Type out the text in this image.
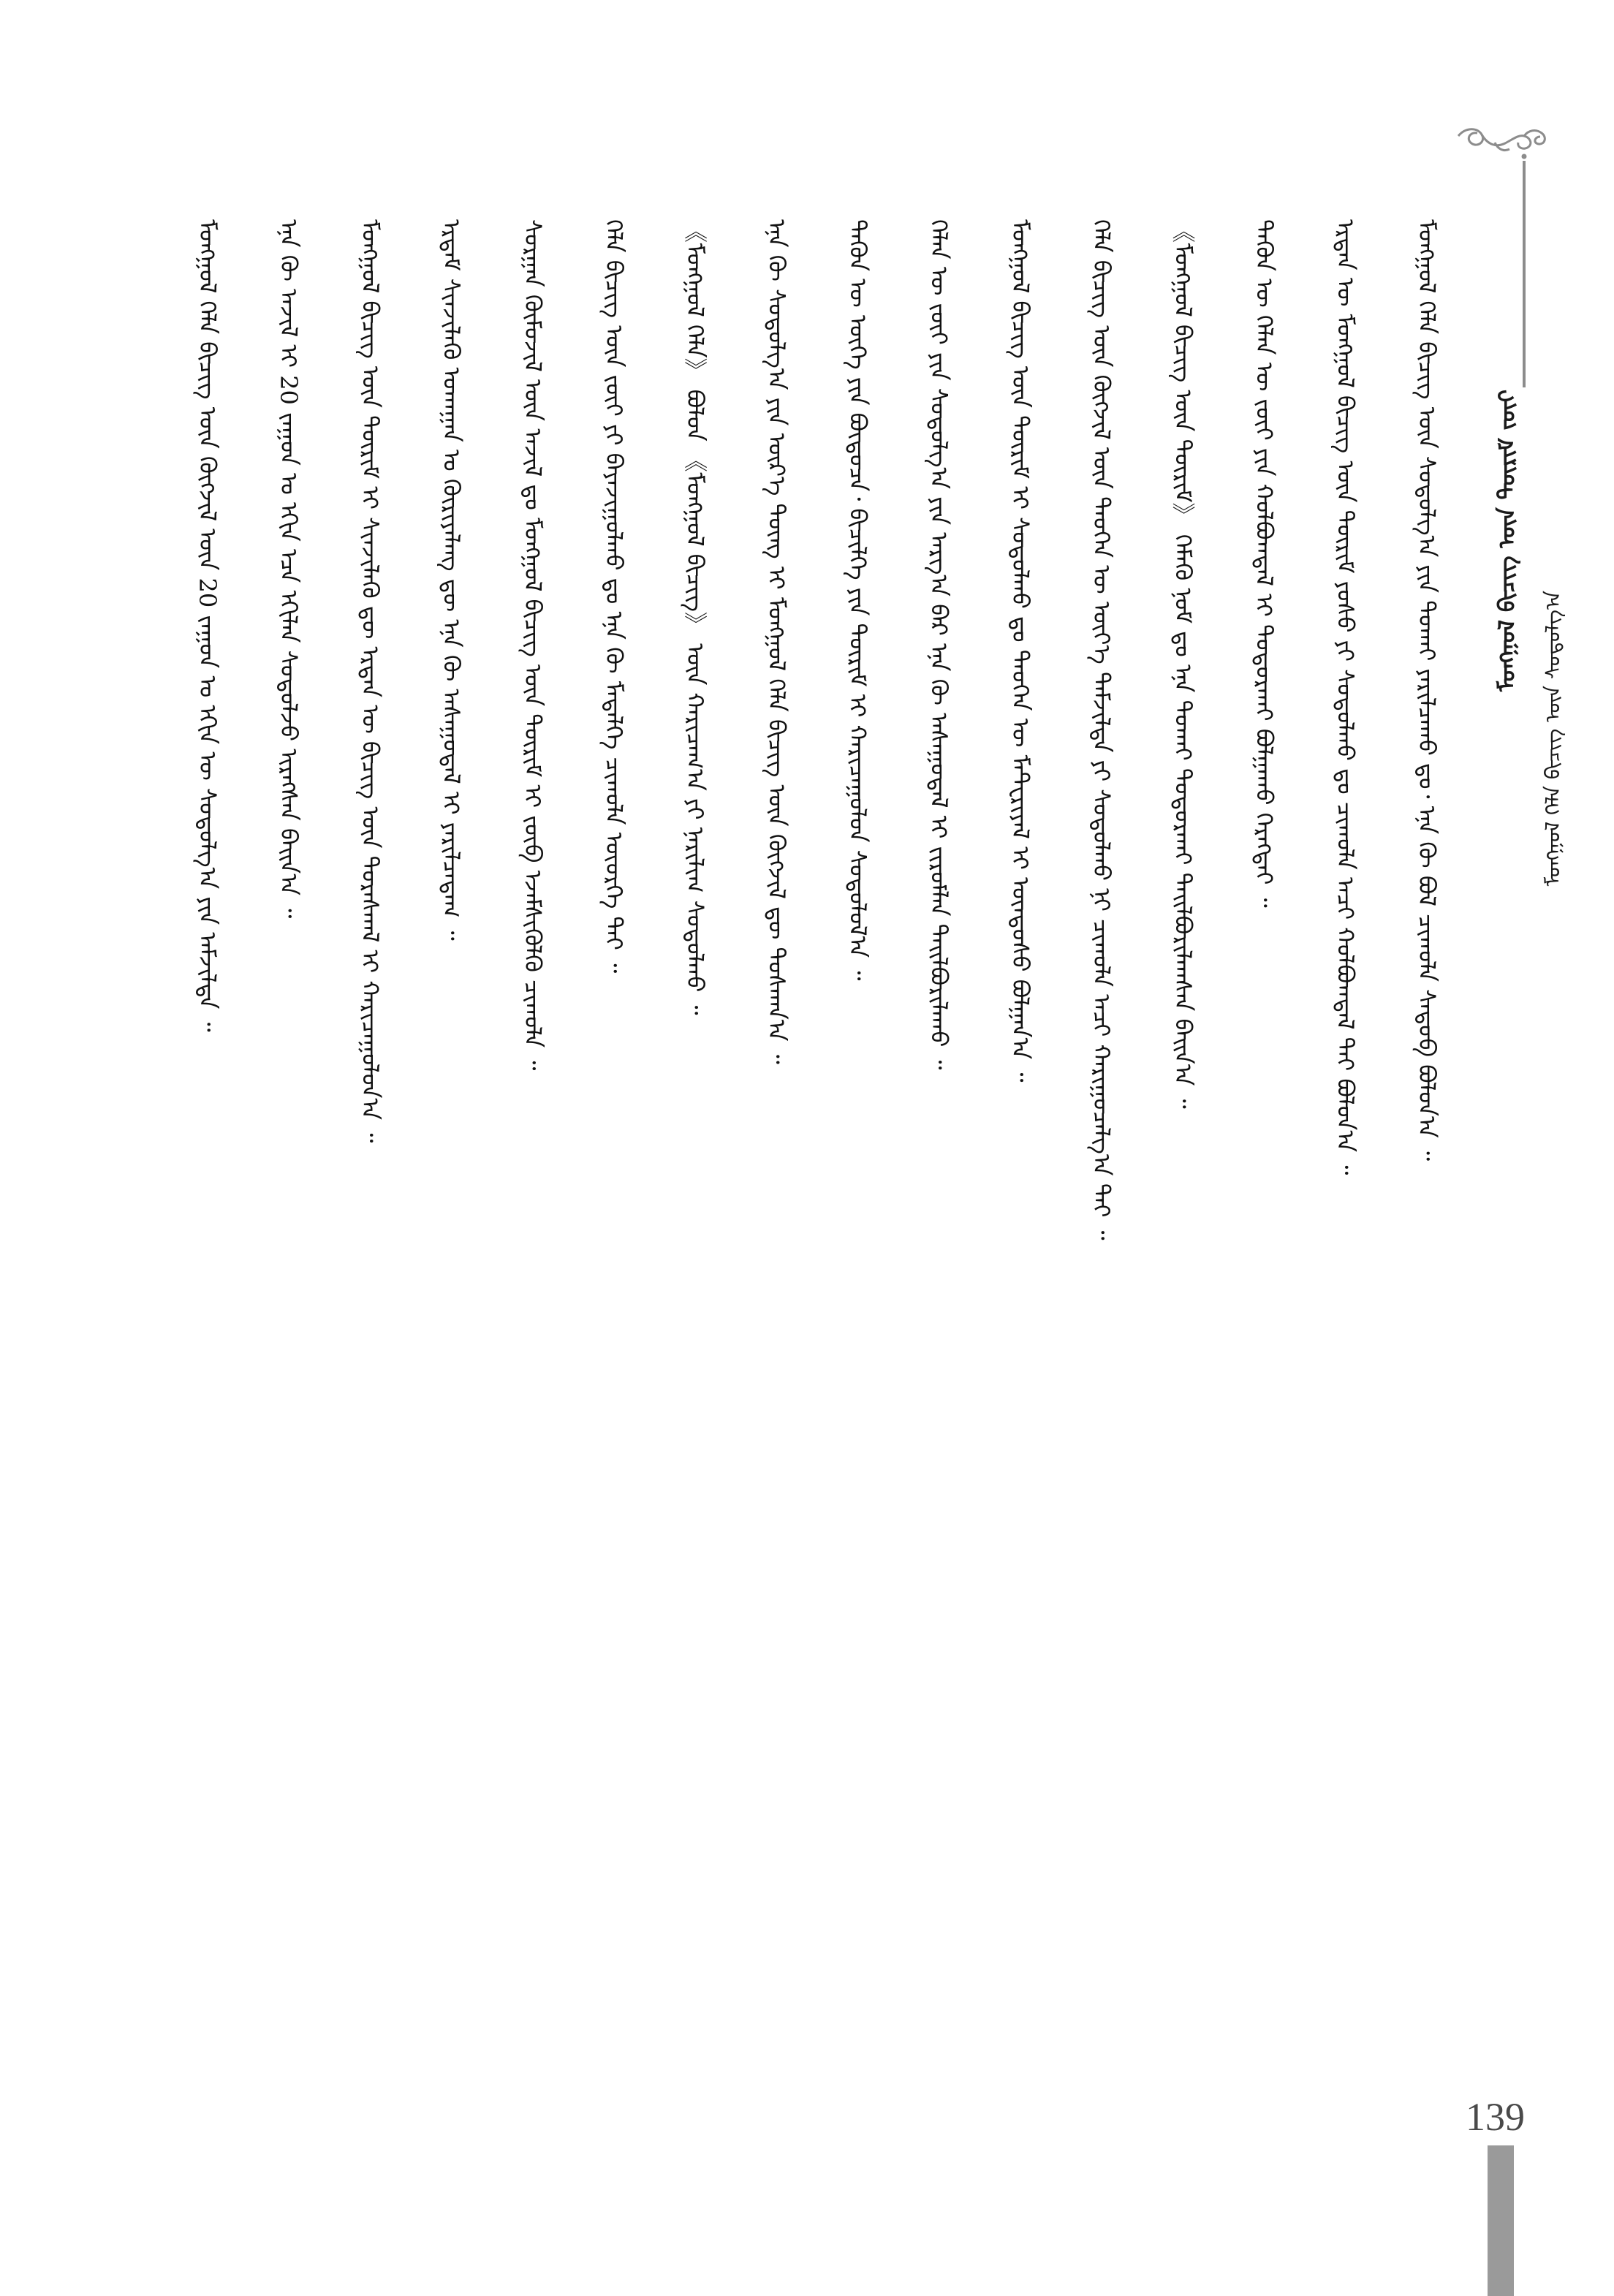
ᠮᠣᠩᠭᠣᠯ ᠪᠢᠴᠢᠭ᠌ ᠦᠨ ᠳᠦᠷᠢᠮ ᠵᠦᠢ
ᠮᠣᠩᠭᠣᠯ ᠬᠡᠯᠡ ᠪᠢᠴᠢᠭ᠌ ᠦᠨ ᠰᠤᠳᠤᠯᠭ᠎ᠠ
ᠮᠣᠩᠭᠣᠯ ᠬᠡᠯᠡ ᠪᠢᠴᠢᠭ᠌ ᠦᠨ ᠰᠤᠳᠤᠯᠭ᠎ᠠ ᠶᠢᠨ ᠲᠤᠬᠠᠢ ᠶᠠᠷᠢᠯᠴᠠᠬᠤ ᠳᠤ᠂ ᠡᠨᠡ ᠬᠦ ᠪᠣᠯ ᠴᠢᠬᠤᠯᠠ ᠰᠡᠳᠦᠪ ᠪᠣᠯᠤᠨ᠎ᠠ ᠃
ᠡᠷᠲᠡᠨ ᠦ ᠮᠣᠩᠭᠣᠯ ᠪᠢᠴᠢᠭ᠌ ᠦᠨ ᠳᠦᠷᠢᠮ ᠶᠣᠰᠤ ᠶᠢ ᠰᠤᠳᠤᠯᠬᠤ ᠳᠤ ᠴᠢᠬᠤᠯᠠ ᠠᠴᠢ ᠬᠤᠯᠪᠣᠭᠳᠠᠯ ᠲᠠᠢ ᠪᠣᠯᠤᠨ᠎ᠠ ᠃
ᠲᠡᠭᠦᠨ ᠦ ᠬᠡᠯᠡᠨ ᠦ ᠵᠦᠢ ᠶᠢᠨ ᠬᠣᠯᠪᠣᠭᠳᠠᠯ ᠢ ᠲᠣᠳᠣᠷᠬᠠᠢ ᠪᠣᠯᠭᠠᠬᠤ ᠬᠡᠷᠡᠭᠲᠡᠢ ᠃
《ᠮᠣᠩᠭᠣᠯ ᠪᠢᠴᠢᠭ᠌ ᠦᠨ ᠳᠦᠷᠢᠮ》 ᠬᠡᠮᠡᠬᠦ ᠨᠣᠮ ᠳᠤ ᠡᠨᠡ ᠲᠤᠬᠠᠢ ᠲᠣᠳᠣᠷᠬᠠᠢ ᠲᠠᠢᠯᠪᠤᠷᠢᠯᠠᠭᠰᠠᠨ ᠪᠠᠢᠨ᠎ᠠ ᠃
ᠬᠡᠯᠡ ᠪᠢᠴᠢᠭ᠌ ᠦᠨ ᠬᠥᠭᠵᠢᠯ ᠦᠨ ᠲᠡᠦᠬᠡᠨ ᠦ ᠦᠶ᠎ᠡ ᠳᠠᠮᠵᠢᠯᠲᠠ ᠶᠢ ᠰᠤᠳᠤᠯᠬᠤ ᠨᠢ ᠴᠢᠬᠤᠯᠠ ᠠᠴᠢ ᠬᠠᠷᠢᠭᠤᠴᠠᠯᠭ᠎ᠠ ᠲᠠᠢ ᠃
ᠮᠣᠩᠭᠣᠯ ᠪᠢᠴᠢᠭ᠌ ᠦᠨ ᠳᠦᠷᠢᠮ ᠢ ᠰᠤᠳᠤᠯᠬᠤ ᠳᠤ ᠲᠡᠦᠬᠡᠨ ᠦ ᠮᠠᠲ᠋ᠧᠷᠢᠶᠠᠯ ᠢ ᠦᠨᠳᠦᠰᠦ ᠪᠣᠯᠭᠠᠨ᠎ᠠ ᠃
ᠬᠡᠯᠡᠨ ᠦ ᠵᠦᠢ ᠶᠢᠨ ᠰᠤᠳᠤᠯᠭ᠎ᠠ ᠶᠢᠨ ᠠᠷᠭ᠎ᠠ ᠪᠠᠷ ᠡᠨᠡ ᠬᠦ ᠠᠰᠠᠭᠤᠳᠠᠯ ᠢ ᠵᠢᠷᠤᠮᠯᠠᠨ ᠲᠠᠢᠯᠪᠤᠷᠢᠯᠠᠬᠤ ᠃
ᠲᠡᠭᠦᠨ ᠦ ᠦᠭᠡ ᠶᠢᠨ ᠪᠦᠲᠦᠴᠡ᠂ ᠪᠢᠴᠢᠯᠭᠡ ᠶᠢᠨ ᠳᠦᠷᠢᠮ ᠢ ᠬᠠᠷᠢᠴᠠᠭᠤᠯᠤᠨ ᠰᠤᠳᠤᠯᠤᠯ᠎ᠠ ᠃
ᠡᠨᠡ ᠬᠦ ᠰᠤᠳᠤᠯᠭ᠎ᠠ ᠶᠢᠨ ᠦᠷ᠎ᠡ ᠳᠦᠩ ᠢ ᠮᠣᠩᠭᠣᠯ ᠬᠡᠯᠡ ᠪᠢᠴᠢᠭ᠌ ᠦᠨ ᠬᠥᠭᠵᠢᠯ ᠳᠦ ᠲᠤᠰᠬᠠᠨ᠎ᠠ ᠃
《ᠮᠣᠩᠭᠣᠯ ᠬᠡᠯᠡ》 ᠪᠣᠯᠤᠨ 《ᠮᠣᠩᠭᠣᠯ ᠪᠢᠴᠢᠭ᠌》 ᠦᠨ ᠬᠠᠷᠢᠴᠠᠭ᠎ᠠ ᠶᠢ ᠨᠠᠷᠢᠯᠢᠭ ᠰᠤᠳᠤᠯᠬᠤ ᠃
ᠬᠡᠯᠡ ᠪᠢᠴᠢᠭ᠌ ᠦᠨ ᠵᠦᠢ ᠶᠢ ᠪᠠᠶᠠᠵᠢᠭᠤᠯᠬᠤ ᠳᠤ ᠡᠨᠡ ᠬᠦ ᠮᠡᠳᠡᠯᠭᠡ ᠴᠢᠬᠤᠯᠠ ᠦᠦᠷᠭᠡ ᠲᠡᠢ ᠃
ᠰᠤᠷᠭᠠᠨ ᠬᠦᠮᠦᠵᠢᠯ ᠦᠨ ᠠᠵᠢᠯ ᠳᠤ ᠮᠣᠩᠭᠣᠯ ᠪᠢᠴᠢᠭ᠌ ᠦᠨ ᠳᠦᠷᠢᠮ ᠢ ᠵᠥᠪ ᠡᠵᠡᠮᠰᠢᠭᠦᠯᠬᠦ ᠴᠢᠬᠤᠯᠠ ᠃
ᠡᠷᠳᠡᠮ ᠰᠢᠨᠵᠢᠯᠡᠬᠦ ᠤᠬᠠᠭᠠᠨ ᠤ ᠬᠦᠷᠢᠶᠡᠯᠡᠩ ᠳᠦ ᠡᠨᠡ ᠬᠦ ᠠᠰᠠᠭᠤᠳᠠᠯ ᠢ ᠶᠠᠷᠢᠯᠴᠠᠳᠠᠭ ᠃
ᠮᠣᠩᠭᠣᠯ ᠪᠢᠴᠢᠭ᠌ ᠦᠨ ᠳᠦᠷᠢᠮ ᠢ ᠰᠢᠨᠵᠢᠯᠡᠬᠦ ᠳᠦ ᠡᠷᠲᠡᠨ ᠦ ᠪᠢᠴᠢᠭ᠌ ᠦᠨ ᠳᠤᠷᠠᠰᠬᠠᠯ ᠢ ᠬᠠᠷᠢᠴᠠᠭᠤᠯᠤᠨ᠎ᠠ ᠃
ᠡᠨᠡ ᠬᠦ ᠠᠵᠢᠯ ᠢ 20 ᠵᠠᠭᠤᠨ ᠤ ᠡᠬᠢᠨ ᠡᠴᠡ ᠡᠬᠢᠯᠡᠨ ᠰᠤᠳᠤᠯᠵᠤ ᠢᠷᠡᠭᠰᠡᠨ ᠪᠠᠢᠨ᠎ᠠ ᠃
ᠮᠣᠩᠭᠣᠯ ᠬᠡᠯᠡ ᠪᠢᠴᠢᠭ᠌ ᠦᠨ ᠬᠥᠭᠵᠢᠯ ᠦᠨ 20 ᠵᠠᠭᠤᠨ ᠤ ᠡᠬᠢᠨ ᠦ ᠰᠤᠳᠤᠯᠭ᠎ᠠ ᠶᠢᠨ ᠠᠮᠵᠢᠯᠲᠠ ᠃
139
